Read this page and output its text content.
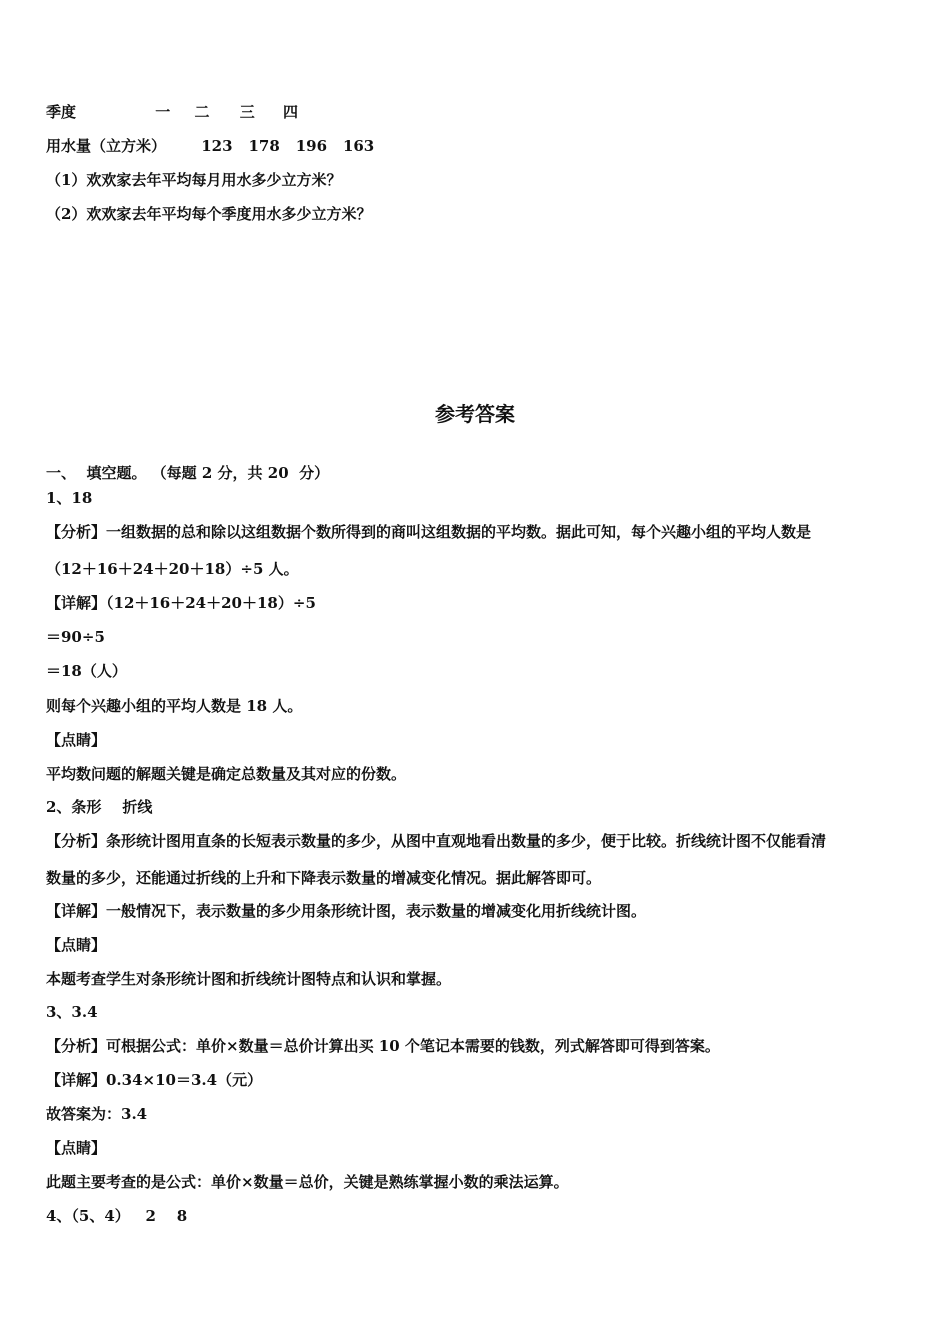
季度	一 二 三 四
用水量（立方米） 123 178 196 163
（1）欢欢家去年平均每月用水多少立方米？
（2）欢欢家去年平均每个季度用水多少立方米？
参考答案
一、  填空题。 （每题 2 分，共 20  分）
1、18
【分析】一组数据的总和除以这组数据个数所得到的商叫这组数据的平均数。据此可知，每个兴趣小组的平均人数是
（12＋16＋24＋20＋18）÷5 人。
【详解】（12＋16＋24＋20＋18）÷5
＝90÷5
＝18（人）
则每个兴趣小组的平均人数是 18 人。
【点睛】
平均数问题的解题关键是确定总数量及其对应的份数。
2、条形    折线
【分析】条形统计图用直条的长短表示数量的多少，从图中直观地看出数量的多少，便于比较。折线统计图不仅能看清
数量的多少，还能通过折线的上升和下降表示数量的增减变化情况。据此解答即可。
【详解】一般情况下，表示数量的多少用条形统计图，表示数量的增减变化用折线统计图。
【点睛】
本题考查学生对条形统计图和折线统计图特点和认识和掌握。
3、3.4
【分析】可根据公式：单价×数量＝总价计算出买 10 个笔记本需要的钱数，列式解答即可得到答案。
【详解】0.34×10＝3.4（元）
故答案为：3.4
【点睛】
此题主要考查的是公式：单价×数量＝总价，关键是熟练掌握小数的乘法运算。
4、（5、4）   2    8
